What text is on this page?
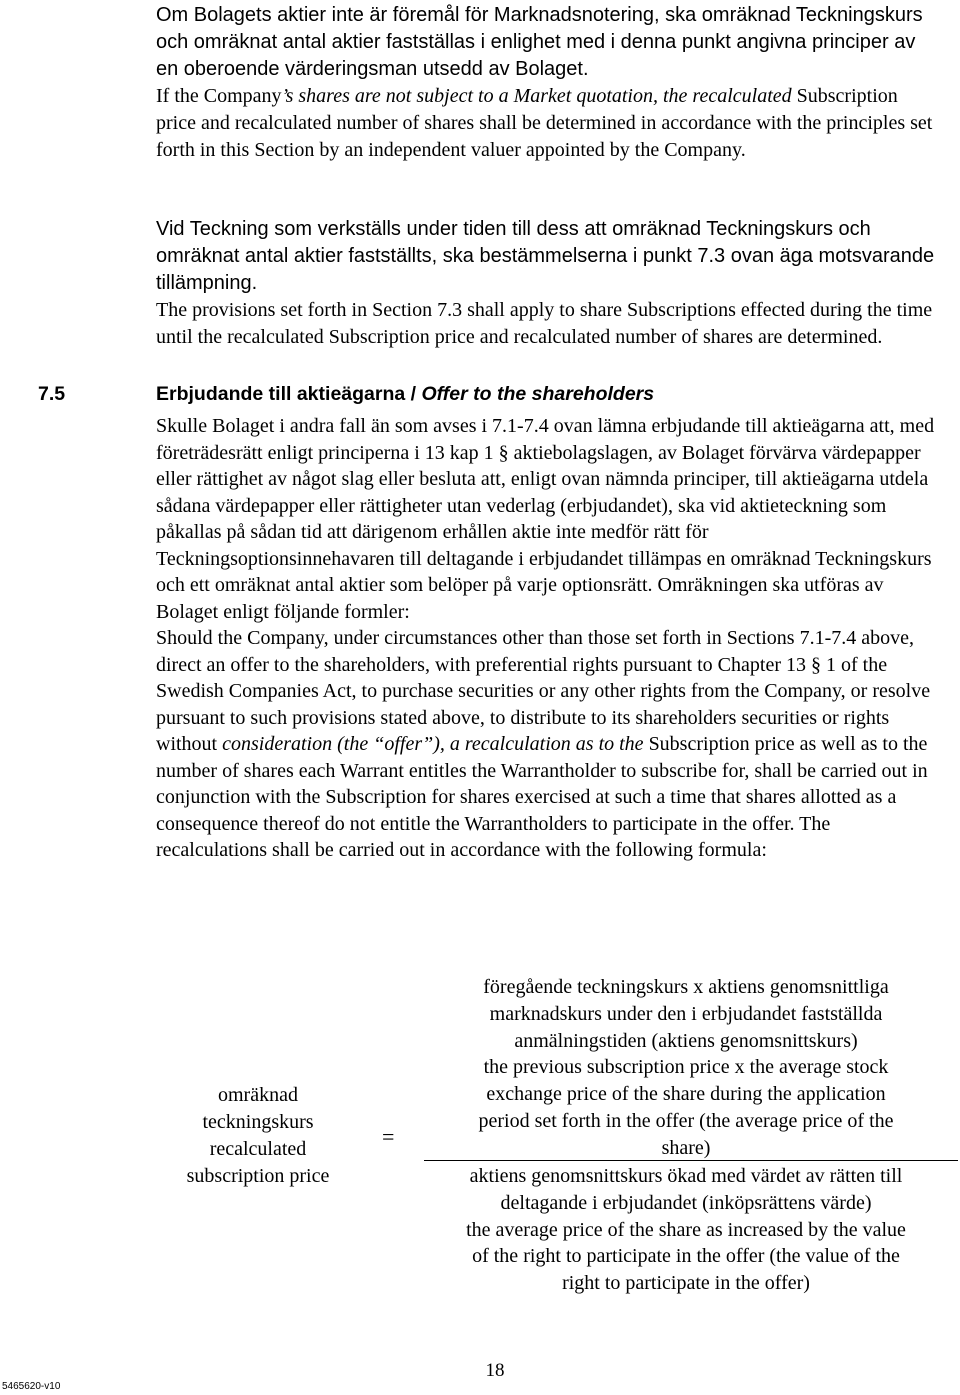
Om Bolagets aktier inte är föremål för Marknadsnotering, ska omräknad Teckningskurs och omräknat antal aktier fastställas i enlighet med i denna punkt angivna principer av en oberoende värderingsman utsedd av Bolaget.
If the Company’s shares are not subject to a Market quotation, the recalculated Subscription price and recalculated number of shares shall be determined in accordance with the principles set forth in this Section by an independent valuer appointed by the Company.
Vid Teckning som verkställs under tiden till dess att omräknad Teckningskurs och omräknat antal aktier fastställts, ska bestämmelserna i punkt 7.3 ovan äga motsvarande tillämpning.
The provisions set forth in Section 7.3 shall apply to share Subscriptions effected during the time until the recalculated Subscription price and recalculated number of shares are determined.
7.5	Erbjudande till aktieägarna / Offer to the shareholders
Skulle Bolaget i andra fall än som avses i 7.1-7.4 ovan lämna erbjudande till aktieägarna att, med företrädesrätt enligt principerna i 13 kap 1 § aktiebolagslagen, av Bolaget förvärva värdepapper eller rättighet av något slag eller besluta att, enligt ovan nämnda principer, till aktieägarna utdela sådana värdepapper eller rättigheter utan vederlag (erbjudandet), ska vid aktieteckning som påkallas på sådan tid att därigenom erhållen aktie inte medför rätt för Teckningsoptionsinnehavaren till deltagande i erbjudandet tillämpas en omräknad Teckningskurs och ett omräknat antal aktier som belöper på varje optionsrätt. Omräkningen ska utföras av Bolaget enligt följande formler:
Should the Company, under circumstances other than those set forth in Sections 7.1-7.4 above, direct an offer to the shareholders, with preferential rights pursuant to Chapter 13 § 1 of the Swedish Companies Act, to purchase securities or any other rights from the Company, or resolve pursuant to such provisions stated above, to distribute to its shareholders securities or rights without consideration (the “offer”), a recalculation as to the Subscription price as well as to the number of shares each Warrant entitles the Warrantholder to subscribe for, shall be carried out in conjunction with the Subscription for shares exercised at such a time that shares allotted as a consequence thereof do not entitle the Warrantholders to participate in the offer. The recalculations shall be carried out in accordance with the following formula:
omräknad
teckningskurs
recalculated
subscription price
=
föregående teckningskurs x aktiens genomsnittliga
marknadskurs under den i erbjudandet fastställda
anmälningstiden (aktiens genomsnittskurs)
the previous subscription price x the average stock
exchange price of the share during the application
period set forth in the offer (the average price of the
share)
aktiens genomsnittskurs ökad med värdet av rätten till
deltagande i erbjudandet (inköpsrättens värde)
the average price of the share as increased by the value
of the right to participate in the offer (the value of the
right to participate in the offer)
18
5465620-v10
